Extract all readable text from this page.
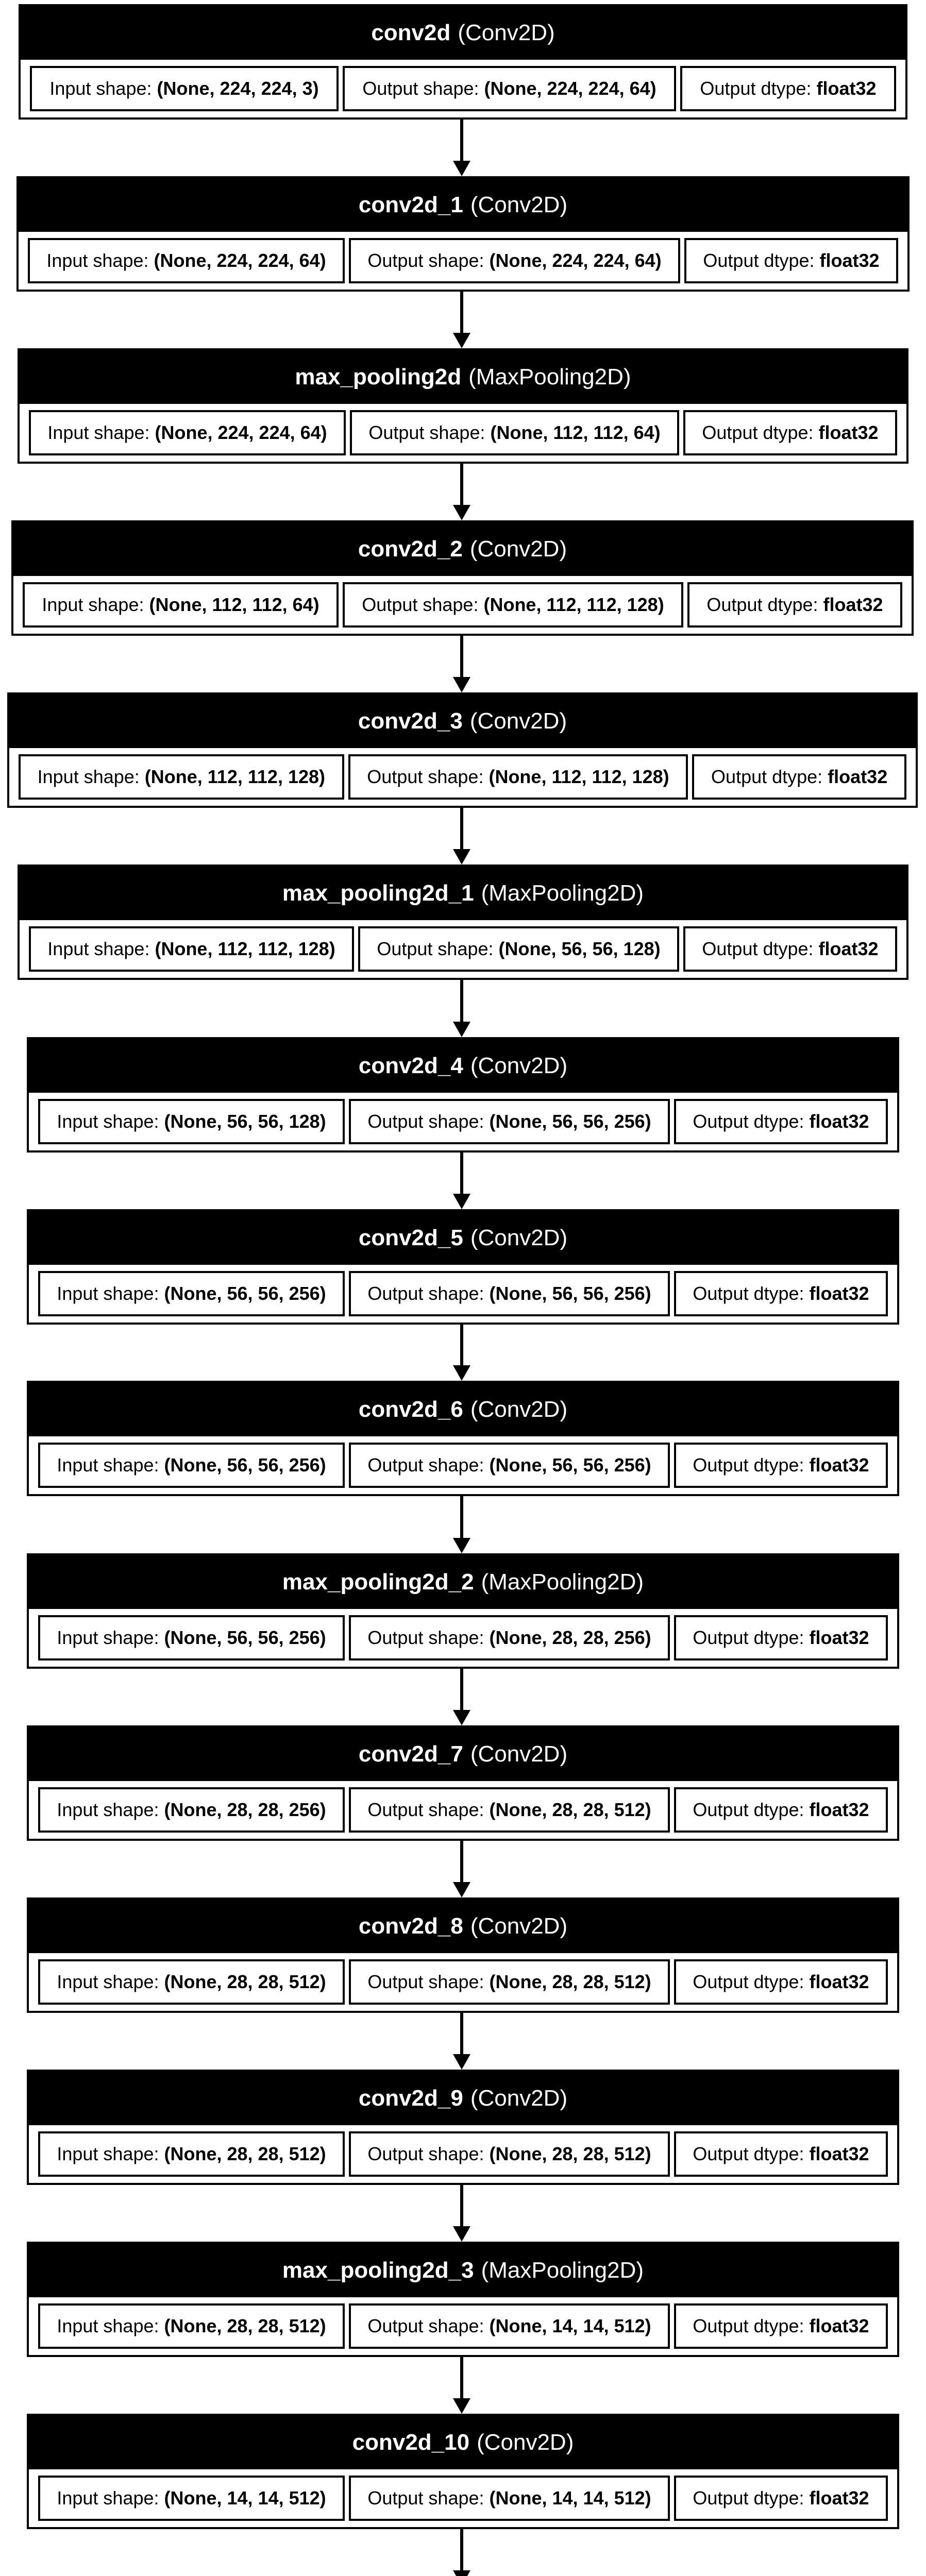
conv2d (Conv2D)
Input shape: (None, 224, 224, 3) Output shape: (None, 224, 224, 64) Output dtype: float32
conv2d_1 (Conv2D)
Input shape: (None, 224, 224, 64) Output shape: (None, 224, 224, 64) Output dtype: float32
max_pooling2d (MaxPooling2D)
Input shape: (None, 224, 224, 64) Output shape: (None, 112, 112, 64) Output dtype: float32
conv2d_2 (Conv2D)
Input shape: (None, 112, 112, 64) Output shape: (None, 112, 112, 128) Output dtype: float32
conv2d_3 (Conv2D)
Input shape: (None, 112, 112, 128) Output shape: (None, 112, 112, 128) Output dtype: float32
max_pooling2d_1 (MaxPooling2D)
Input shape: (None, 112, 112, 128) Output shape: (None, 56, 56, 128) Output dtype: float32
conv2d_4 (Conv2D)
Input shape: (None, 56, 56, 128) Output shape: (None, 56, 56, 256) Output dtype: float32
conv2d_5 (Conv2D)
Input shape: (None, 56, 56, 256) Output shape: (None, 56, 56, 256) Output dtype: float32
conv2d_6 (Conv2D)
Input shape: (None, 56, 56, 256) Output shape: (None, 56, 56, 256) Output dtype: float32
max_pooling2d_2 (MaxPooling2D)
Input shape: (None, 56, 56, 256) Output shape: (None, 28, 28, 256) Output dtype: float32
conv2d_7 (Conv2D)
Input shape: (None, 28, 28, 256) Output shape: (None, 28, 28, 512) Output dtype: float32
conv2d_8 (Conv2D)
Input shape: (None, 28, 28, 512) Output shape: (None, 28, 28, 512) Output dtype: float32
conv2d_9 (Conv2D)
Input shape: (None, 28, 28, 512) Output shape: (None, 28, 28, 512) Output dtype: float32
max_pooling2d_3 (MaxPooling2D)
Input shape: (None, 28, 28, 512) Output shape: (None, 14, 14, 512) Output dtype: float32
conv2d_10 (Conv2D)
Input shape: (None, 14, 14, 512) Output shape: (None, 14, 14, 512) Output dtype: float32
